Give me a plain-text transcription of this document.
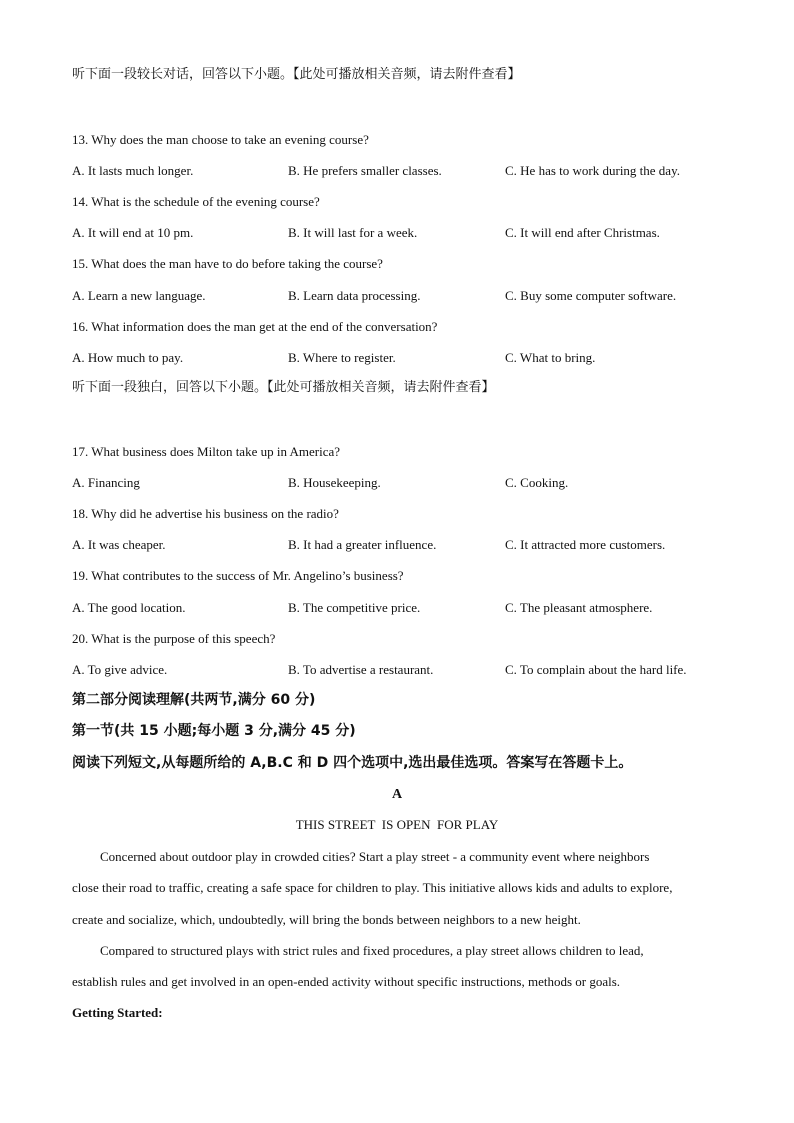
听下面一段较长对话，回答以下小题。【此处可播放相关音频，请去附件查看】
13. Why does the man choose to take an evening course?
A. It lasts much longer.	B. He prefers smaller classes.	C. He has to work during the day.
14. What is the schedule of the evening course?
A. It will end at 10 pm.	B. It will last for a week.	C. It will end after Christmas.
15. What does the man have to do before taking the course?
A. Learn a new language.	B. Learn data processing.	C. Buy some computer software.
16. What information does the man get at the end of the conversation?
A. How much to pay.	B. Where to register.	C. What to bring.
听下面一段独白，回答以下小题。【此处可播放相关音频，请去附件查看】
17. What business does Milton take up in America?
A. Financing	B. Housekeeping.	C. Cooking.
18. Why did he advertise his business on the radio?
A. It was cheaper.	B. It had a greater influence.	C. It attracted more customers.
19. What contributes to the success of Mr. Angelino’s business?
A. The good location.	B. The competitive price.	C. The pleasant atmosphere.
20. What is the purpose of this speech?
A. To give advice.	B. To advertise a restaurant.	C. To complain about the hard life.
第二部分阅读理解(共两节,满分 60 分)
第一节(共 15 小题;每小题 3 分,满分 45 分)
阅读下列短文,从每题所给的 A,B.C 和 D 四个选项中,选出最佳选项。答案写在答题卡上。
A
THIS STREET  IS OPEN  FOR PLAY
Concerned about outdoor play in crowded cities? Start a play street - a community event where neighbors
close their road to traffic, creating a safe space for children to play. This initiative allows kids and adults to explore,
create and socialize, which, undoubtedly, will bring the bonds between neighbors to a new height.
Compared to structured plays with strict rules and fixed procedures, a play street allows children to lead,
establish rules and get involved in an open-ended activity without specific instructions, methods or goals.
Getting Started:
